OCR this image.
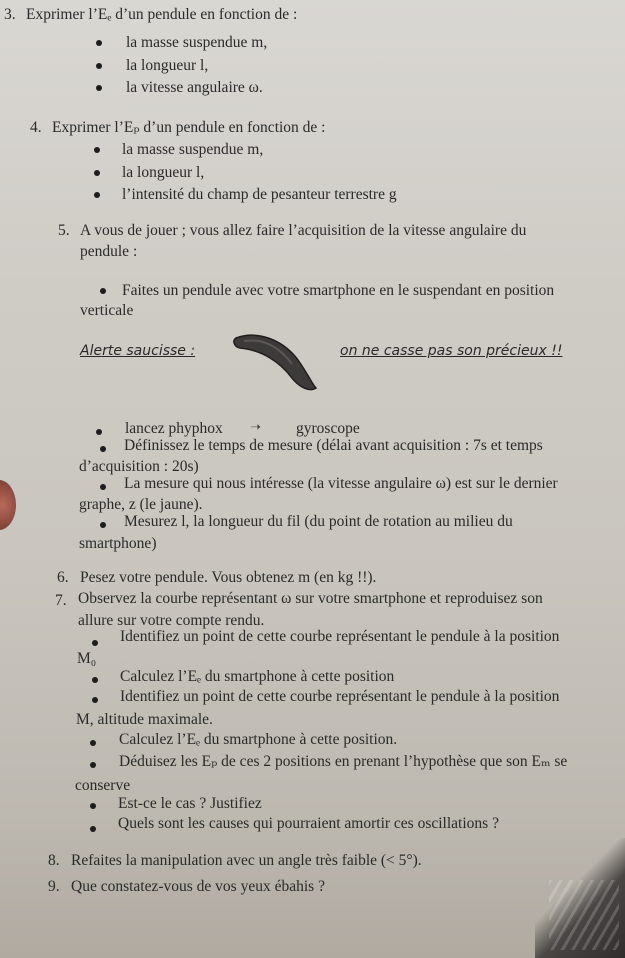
3. Exprimer l’Eₑ d’un pendule en fonction de :
la masse suspendue m,
la longueur l,
la vitesse angulaire ω.
4. Exprimer l’Eₚ d’un pendule en fonction de :
la masse suspendue m,
la longueur l,
l’intensité du champ de pesanteur terrestre g
5. A vous de jouer ; vous allez faire l’acquisition de la vitesse angulaire du
pendule :
Faites un pendule avec votre smartphone en le suspendant en position
verticale
Alerte saucisse :	on ne casse pas son précieux !!
lancez phyphox ➝ gyroscope
Définissez le temps de mesure (délai avant acquisition : 7s et temps
d’acquisition : 20s)
La mesure qui nous intéresse (la vitesse angulaire ω) est sur le dernier
graphe, z (le jaune).
Mesurez l, la longueur du fil (du point de rotation au milieu du
smartphone)
6. Pesez votre pendule. Vous obtenez m (en kg !!).
7. Observez la courbe représentant ω sur votre smartphone et reproduisez son
allure sur votre compte rendu.
Identifiez un point de cette courbe représentant le pendule à la position
M₀
Calculez l’Eₑ du smartphone à cette position
Identifiez un point de cette courbe représentant le pendule à la position
M, altitude maximale.
Calculez l’Eₑ du smartphone à cette position.
Déduisez les Eₚ de ces 2 positions en prenant l’hypothèse que son Eₘ se
conserve
Est-ce le cas ? Justifiez
Quels sont les causes qui pourraient amortir ces oscillations ?
8. Refaites la manipulation avec un angle très faible (< 5°).
9. Que constatez-vous de vos yeux ébahis ?
